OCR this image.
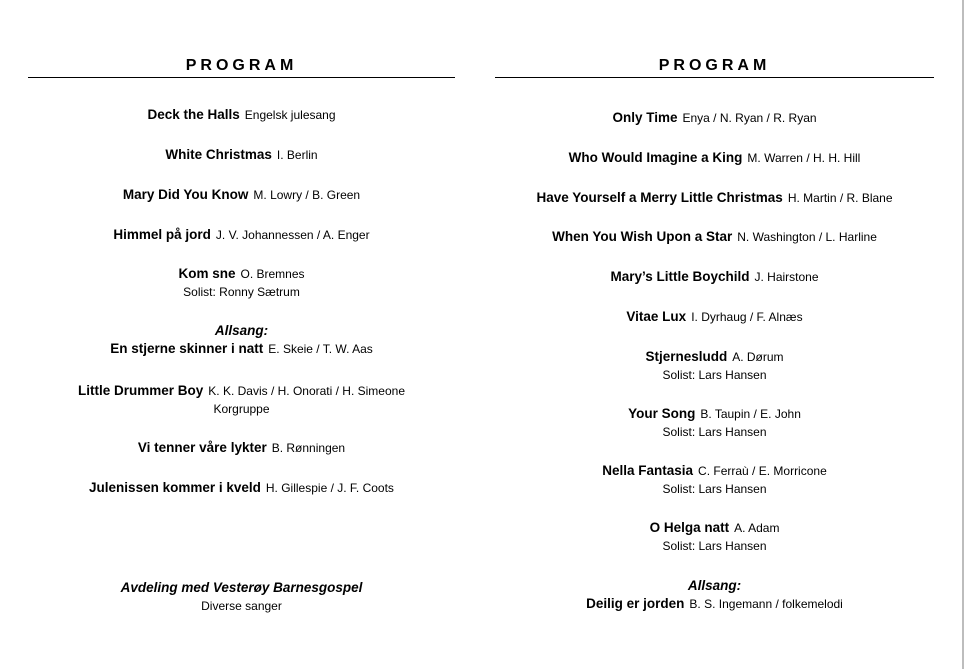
PROGRAM
Deck the Halls Engelsk julesang
White Christmas I. Berlin
Mary Did You Know M. Lowry / B. Green
Himmel på jord J. V. Johannessen / A. Enger
Kom sne O. Bremnes
Solist: Ronny Sætrum
Allsang:
En stjerne skinner i natt E. Skeie / T. W. Aas
Little Drummer Boy K. K. Davis / H. Onorati / H. Simeone
Korgruppe
Vi tenner våre lykter B. Rønningen
Julenissen kommer i kveld H. Gillespie / J. F. Coots
Avdeling med Vesterøy Barnesgospel
Diverse sanger
PROGRAM
Only Time Enya / N. Ryan / R. Ryan
Who Would Imagine a King M. Warren / H. H. Hill
Have Yourself a Merry Little Christmas H. Martin / R. Blane
When You Wish Upon a Star N. Washington / L. Harline
Mary’s Little Boychild J. Hairstone
Vitae Lux I. Dyrhaug / F. Alnæs
Stjernesludd A. Dørum
Solist: Lars Hansen
Your Song B. Taupin / E. John
Solist: Lars Hansen
Nella Fantasia C. Ferraù / E. Morricone
Solist: Lars Hansen
O Helga natt A. Adam
Solist: Lars Hansen
Allsang:
Deilig er jorden B. S. Ingemann / folkemelodi
